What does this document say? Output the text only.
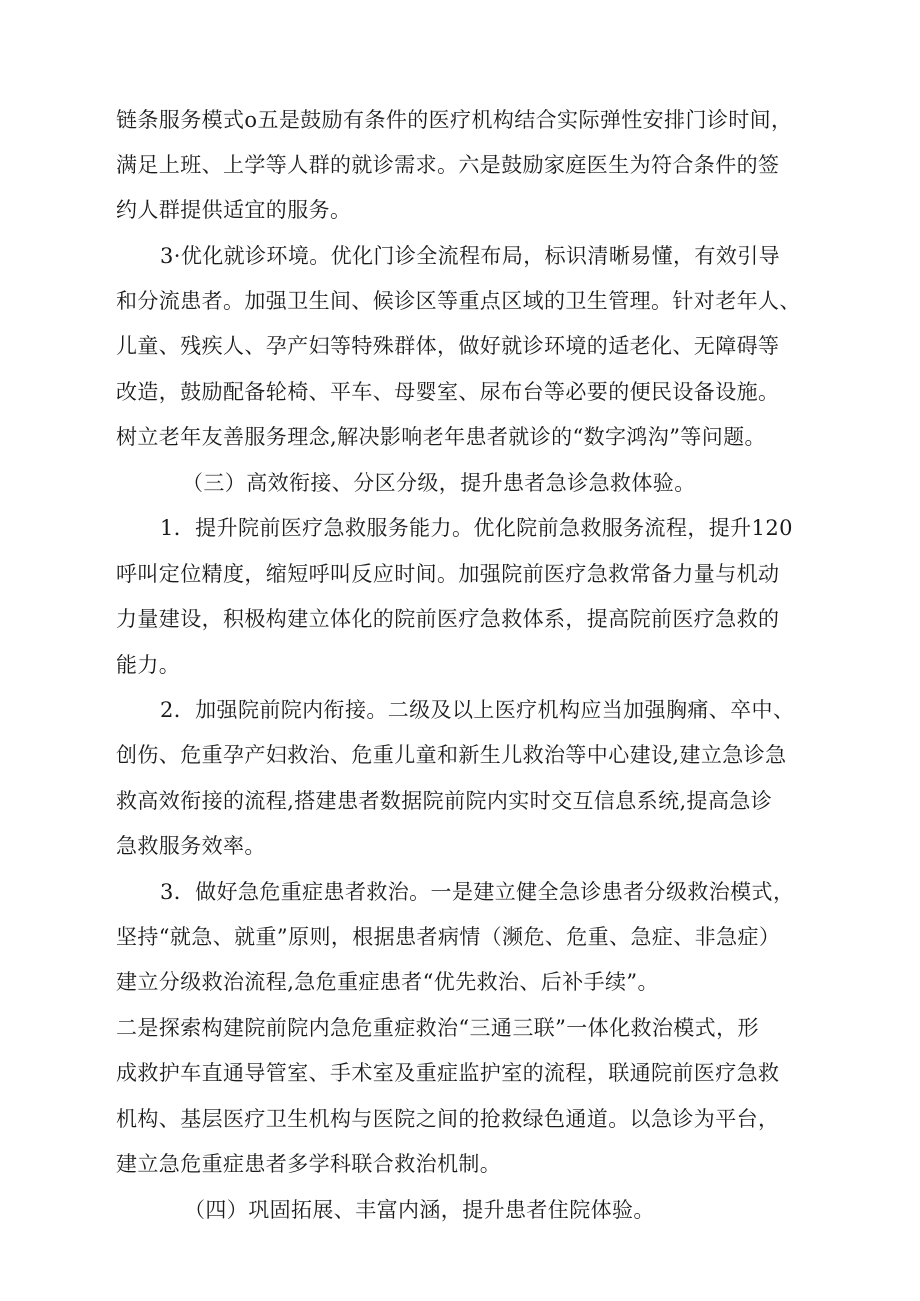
链条服务模式o五是鼓励有条件的医疗机构结合实际弹性安排门诊时间，
满足上班、上学等人群的就诊需求。六是鼓励家庭医生为符合条件的签
约人群提供适宜的服务。
3·优化就诊环境。优化门诊全流程布局，标识清晰易懂，有效引导
和分流患者。加强卫生间、候诊区等重点区域的卫生管理。针对老年人、
儿童、残疾人、孕产妇等特殊群体，做好就诊环境的适老化、无障碍等
改造，鼓励配备轮椅、平车、母婴室、尿布台等必要的便民设备设施。
树立老年友善服务理念,解决影响老年患者就诊的“数字鸿沟”等问题。
（三）高效衔接、分区分级，提升患者急诊急救体验。
1．提升院前医疗急救服务能力。优化院前急救服务流程，提升120
呼叫定位精度，缩短呼叫反应时间。加强院前医疗急救常备力量与机动
力量建设，积极构建立体化的院前医疗急救体系，提高院前医疗急救的
能力。
2．加强院前院内衔接。二级及以上医疗机构应当加强胸痛、卒中、
创伤、危重孕产妇救治、危重儿童和新生儿救治等中心建设,建立急诊急
救高效衔接的流程,搭建患者数据院前院内实时交互信息系统,提高急诊
急救服务效率。
3．做好急危重症患者救治。一是建立健全急诊患者分级救治模式，
坚持“就急、就重”原则，根据患者病情（濒危、危重、急症、非急症）
建立分级救治流程,急危重症患者“优先救治、后补手续”。
二是探索构建院前院内急危重症救治“三通三联”一体化救治模式，形
成救护车直通导管室、手术室及重症监护室的流程，联通院前医疗急救
机构、基层医疗卫生机构与医院之间的抢救绿色通道。以急诊为平台，
建立急危重症患者多学科联合救治机制。
（四）巩固拓展、丰富内涵，提升患者住院体验。
